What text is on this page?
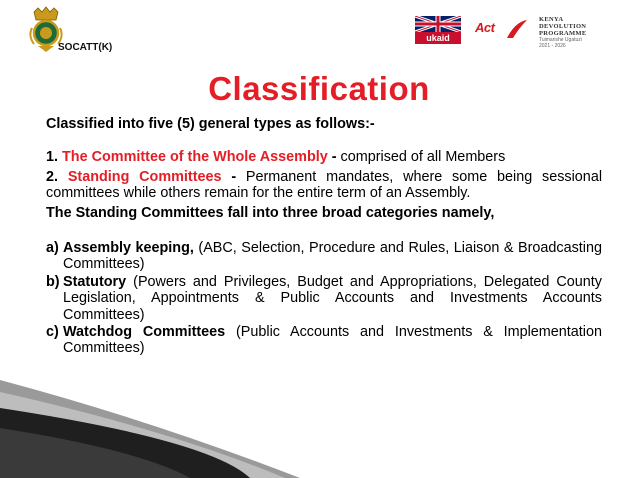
SOCATT(K)
ukaid
Act
KENYA
DEVOLUTION
PROGRAMME
Tuimarishe Ugatuzi
2021 - 2026
Classification

Classified into five (5) general types as follows:-

1. The Committee of the Whole Assembly - comprised of all Members

2. Standing Committees - Permanent mandates, where some being sessional committees while others remain for the entire term of an Assembly.

The Standing Committees fall into three broad categories namely,

a) Assembly keeping, (ABC, Selection, Procedure and Rules, Liaison & Broadcasting Committees)
b) Statutory (Powers and Privileges, Budget and Appropriations, Delegated County Legislation, Appointments & Public Accounts and Investments Accounts Committees)
c) Watchdog Committees (Public Accounts and Investments & Implementation Committees)
